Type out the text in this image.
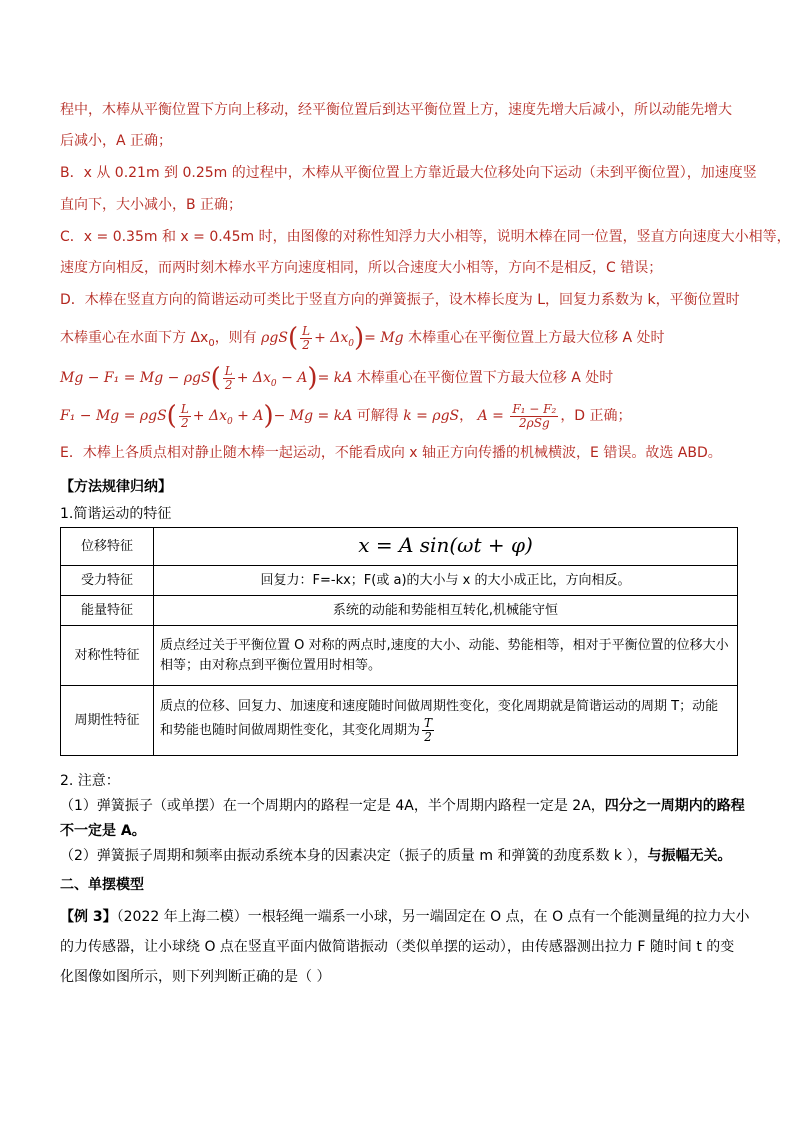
程中，木棒从平衡位置下方向上移动，经平衡位置后到达平衡位置上方，速度先增大后减小，所以动能先增大
后减小，A 正确；
B．x 从 0.21m 到 0.25m 的过程中，木棒从平衡位置上方靠近最大位移处向下运动（未到平衡位置），加速度竖
直向下，大小减小，B 正确；
C．x = 0.35m 和 x = 0.45m 时，由图像的对称性知浮力大小相等，说明木棒在同一位置，竖直方向速度大小相等，
速度方向相反，而两时刻木棒水平方向速度相同，所以合速度大小相等，方向不是相反，C 错误；
D．木棒在竖直方向的简谐运动可类比于竖直方向的弹簧振子，设木棒长度为 L，回复力系数为 k，平衡位置时
木棒重心在水面下方 $\Delta x_0$，则有 $\rho gS( \frac{L}{2} + \Delta x_0)= Mg$ 木棒重心在平衡位置上方最大位移 A 处时
$Mg - F_1 = Mg - \rho gS( \frac{L}{2} + \Delta x_0 - A)=$ kA 木棒重心在平衡位置下方最大位移 A 处时
$F_1 - Mg = \rho gS( \frac{L}{2} + \Delta x_0 + A)- Mg$ = kA 可解得 k = ρgS， $A = \frac{\text{F₁ − F₂}}{\text{2ρSg}}$ ，D 正确；
E．木棒上各质点相对静止随木棒一起运动，不能看成向 x 轴正方向传播的机械横波，E 错误。故选 ABD。
【方法规律归纳】
1.简谐运动的特征
位移特征	x = A sin(ωt + φ)
受力特征	回复力：F=-kx；F(或 a)的大小与 x 的大小成正比，方向相反。
能量特征	系统的动能和势能相互转化,机械能守恒
对称性特征	质点经过关于平衡位置 O 对称的两点时,速度的大小、动能、势能相等，相对于平衡位置的位移大小相等；由对称点到平衡位置用时相等。
周期性特征	质点的位移、回复力、加速度和速度随时间做周期性变化，变化周期就是简谐运动的周期 T；动能和势能也随时间做周期性变化，其变化周期为 $\frac{T}{2}$
2. 注意：
（1）弹簧振子（或单摆）在一个周期内的路程一定是 4A，半个周期内路程一定是 2A，四分之一周期内的路程
不一定是 A。
（2）弹簧振子周期和频率由振动系统本身的因素决定（振子的质量 m 和弹簧的劲度系数 k ），与振幅无关。
二、单摆模型
【例 3】（2022 年上海二模）一根轻绳一端系一小球，另一端固定在 O 点，在 O 点有一个能测量绳的拉力大小
的力传感器，让小球绕 O 点在竖直平面内做简谐振动（类似单摆的运动），由传感器测出拉力 F 随时间 t 的变
化图像如图所示，则下列判断正确的是（ ）
